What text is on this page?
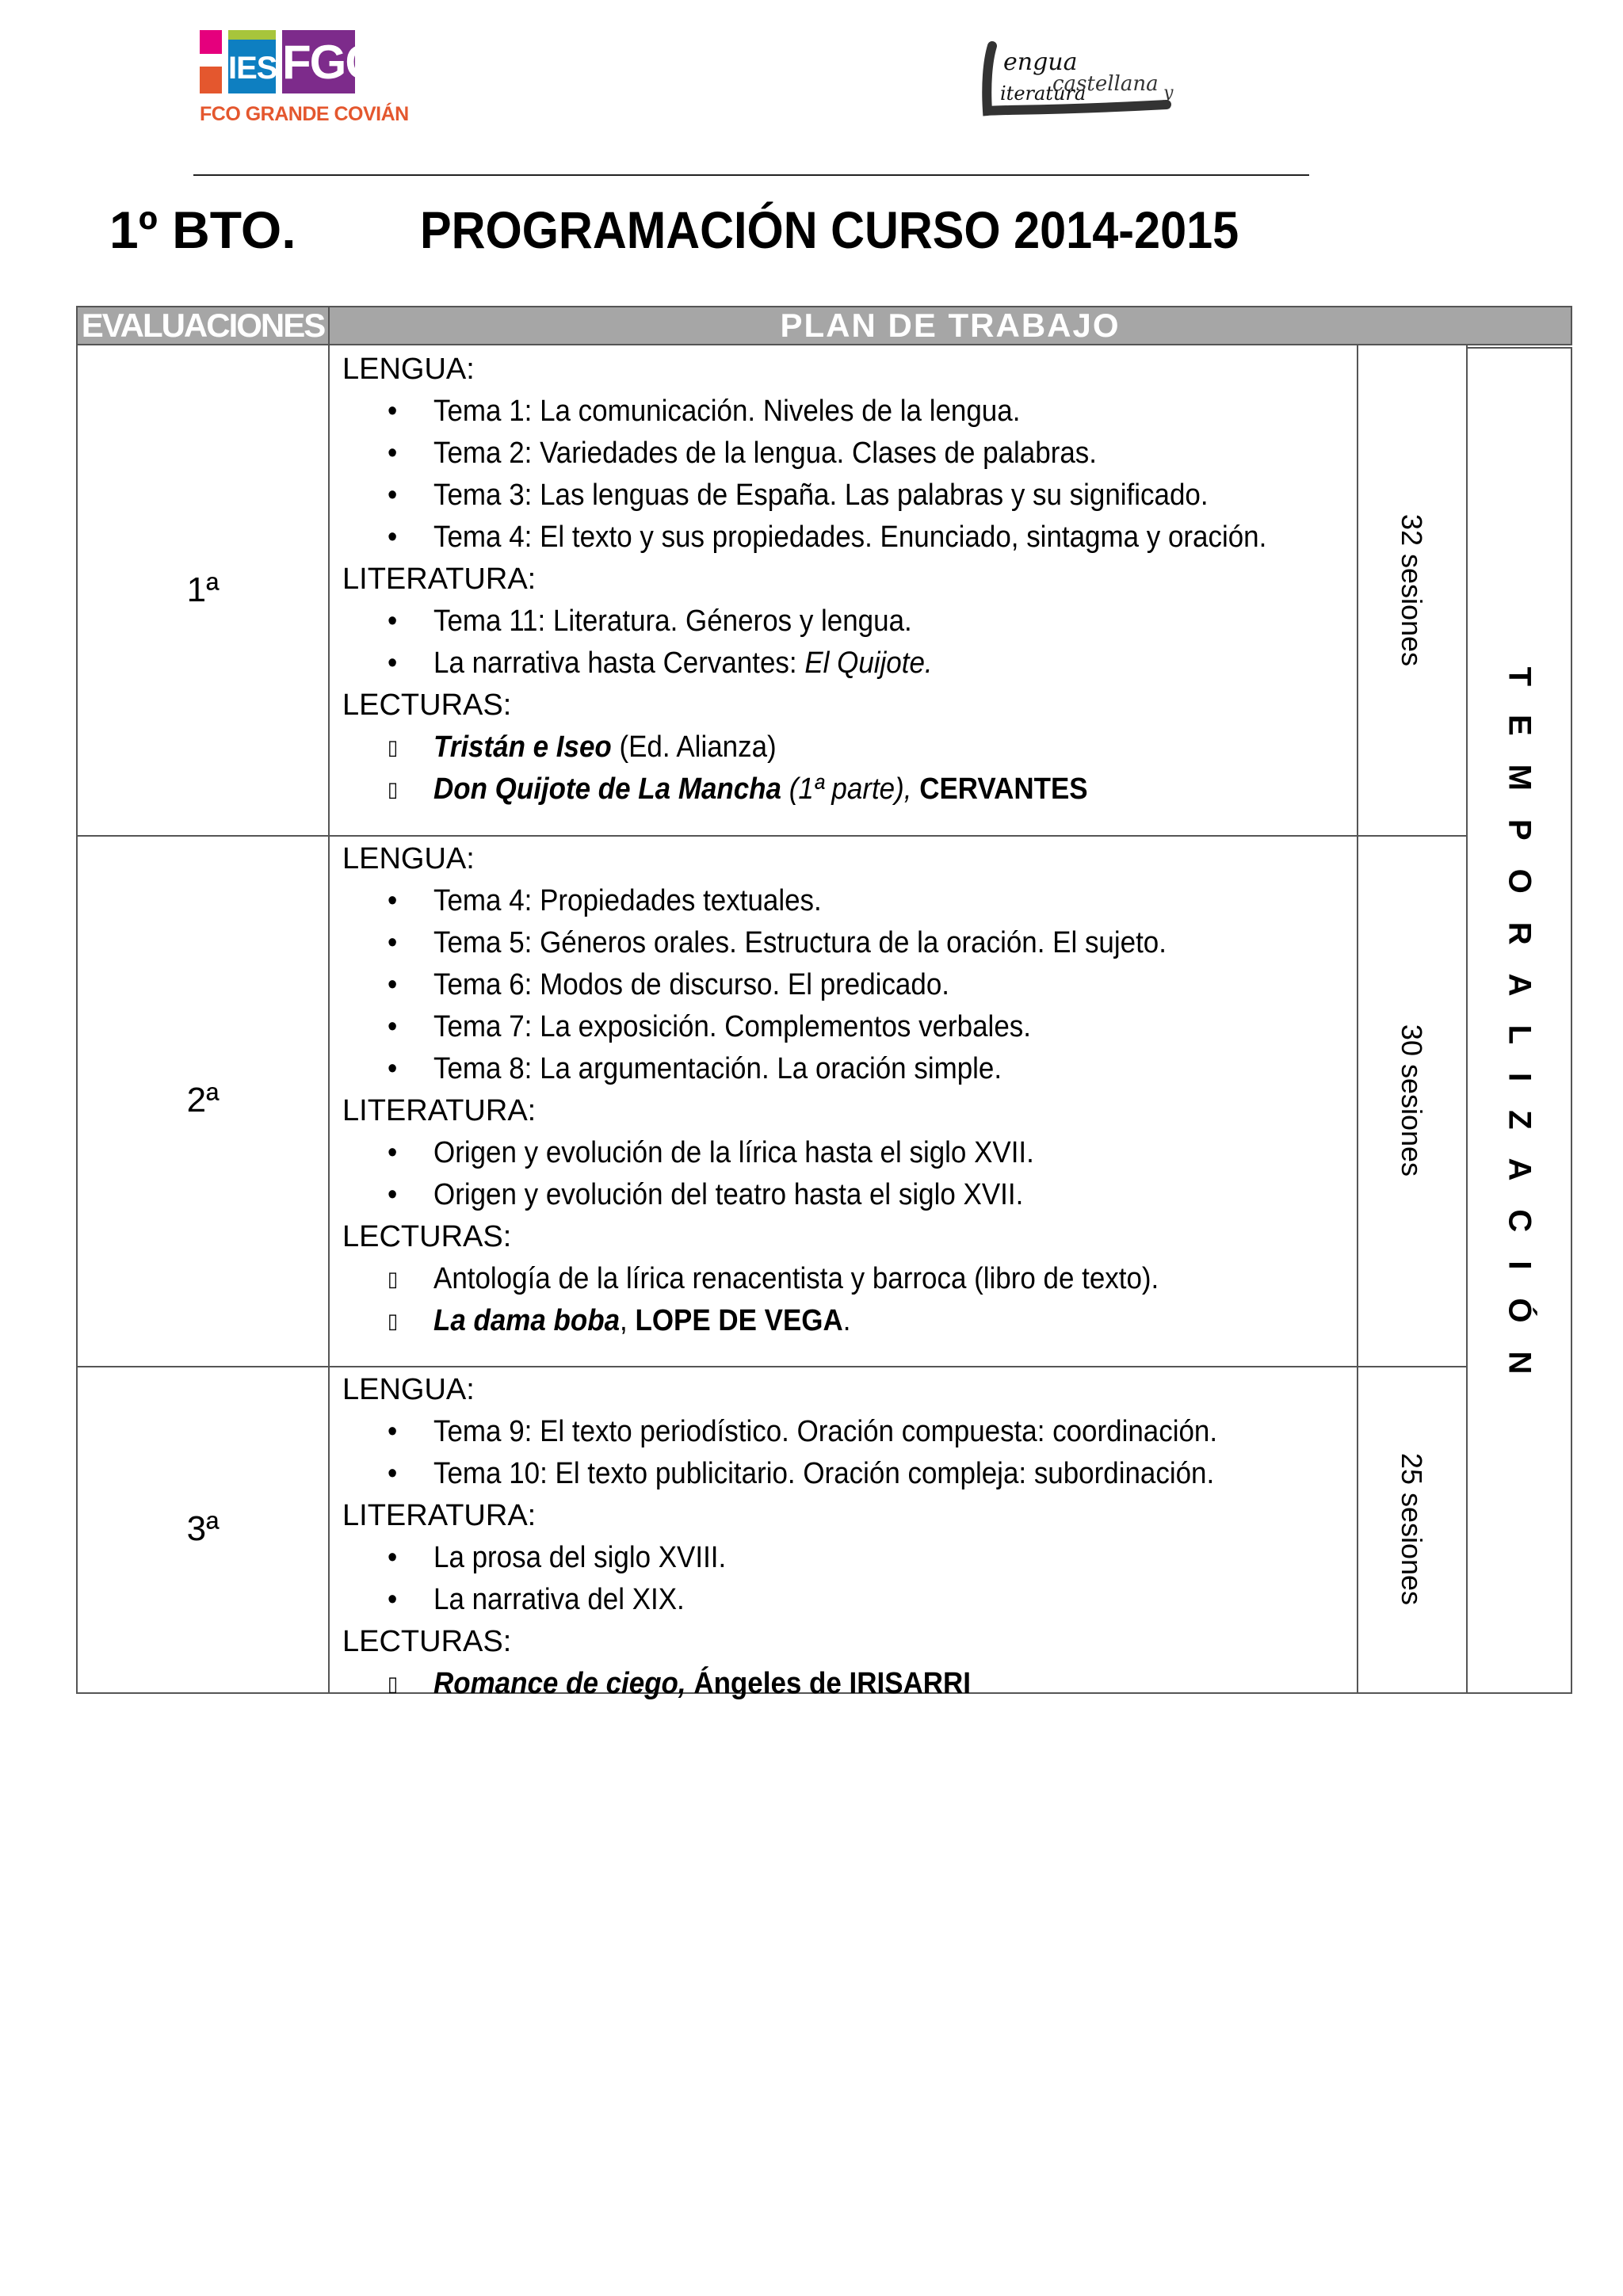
IES FGC
FCO GRANDE COVIÁN
engua
castellana
iteratura	y
1º BTO. PROGRAMACIÓN CURSO 2014-2015
EVALUACIONES	PLAN DE TRABAJO
1ª
LENGUA:
• Tema 1: La comunicación. Niveles de la lengua.
• Tema 2: Variedades de la lengua. Clases de palabras.
• Tema 3: Las lenguas de España. Las palabras y su significado.
• Tema 4: El texto y sus propiedades. Enunciado, sintagma y oración.
LITERATURA:
• Tema 11: Literatura. Géneros y lengua.
• La narrativa hasta Cervantes: El Quijote.
LECTURAS:
▯ Tristán e Iseo (Ed. Alianza)
▯ Don Quijote de La Mancha (1ª parte), CERVANTES
32 sesiones
2ª
LENGUA:
• Tema 4: Propiedades textuales.
• Tema 5: Géneros orales. Estructura de la oración. El sujeto.
• Tema 6: Modos de discurso. El predicado.
• Tema 7: La exposición. Complementos verbales.
• Tema 8: La argumentación. La oración simple.
LITERATURA:
• Origen y evolución de la lírica hasta el siglo XVII.
• Origen y evolución del teatro hasta el siglo XVII.
LECTURAS:
▯ Antología de la lírica renacentista y barroca (libro de texto).
▯ La dama boba, LOPE DE VEGA.
30 sesiones
3ª
LENGUA:
• Tema 9: El texto periodístico. Oración compuesta: coordinación.
• Tema 10: El texto publicitario. Oración compleja: subordinación.
LITERATURA:
• La prosa del siglo XVIII.
• La narrativa del XIX.
LECTURAS:
▯ Romance de ciego, Ángeles de IRISARRI
25 sesiones
TEMPORALIZACIÓN
